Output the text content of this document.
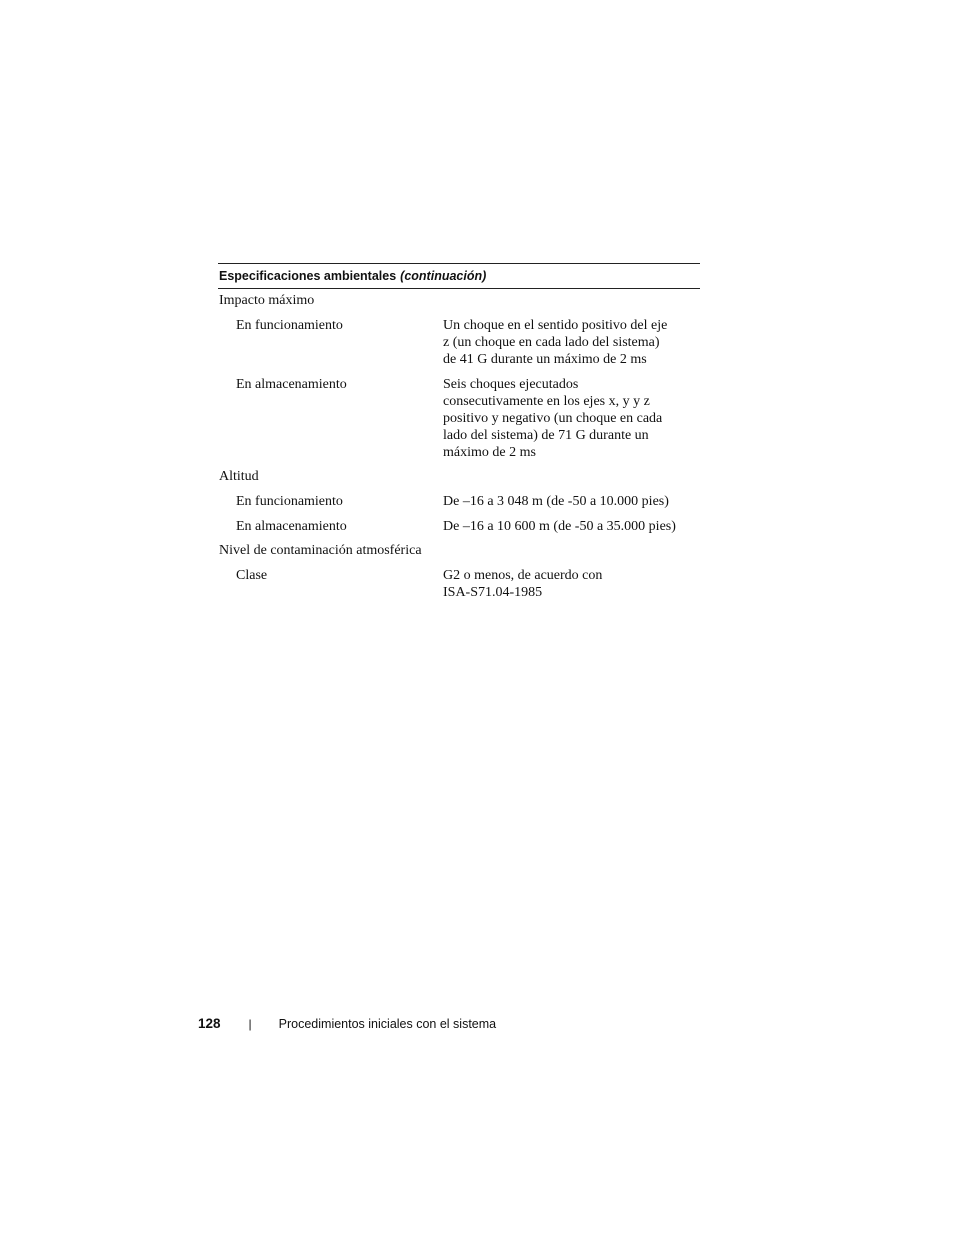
Especificaciones ambientales (continuación)
Impacto máximo
En funcionamiento	Un choque en el sentido positivo del eje
z (un choque en cada lado del sistema)
de 41 G durante un máximo de 2 ms
En almacenamiento	Seis choques ejecutados
consecutivamente en los ejes x, y y z
positivo y negativo (un choque en cada
lado del sistema) de 71 G durante un
máximo de 2 ms
Altitud
En funcionamiento	De –16 a 3 048 m (de -50 a 10.000 pies)
En almacenamiento	De –16 a 10 600 m (de -50 a 35.000 pies)
Nivel de contaminación atmosférica
Clase	G2 o menos, de acuerdo con
ISA-S71.04-1985
128 | Procedimientos iniciales con el sistema
